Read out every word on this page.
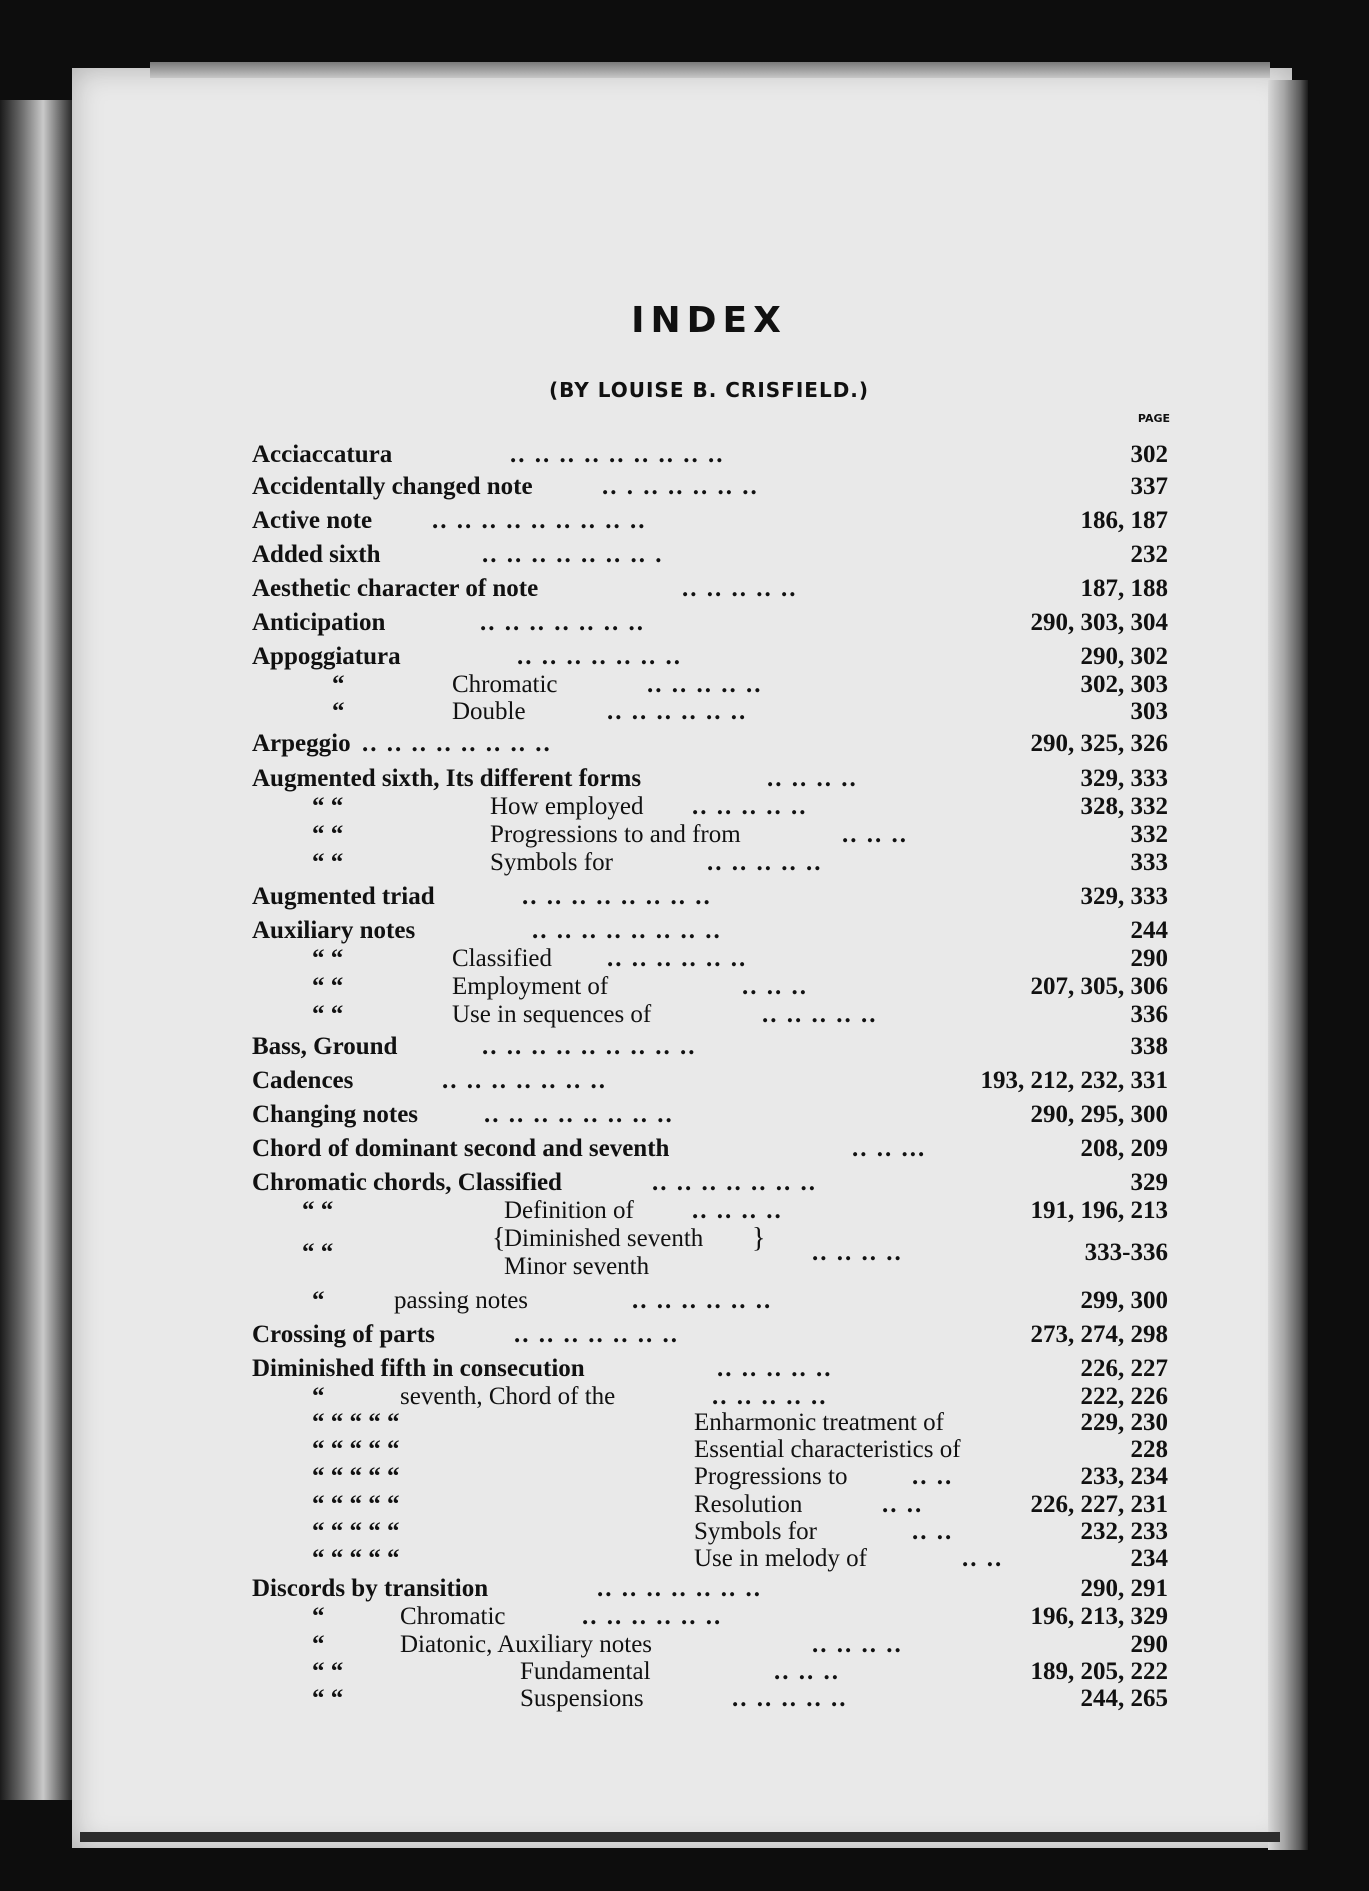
INDEX
(BY LOUISE B. CRISFIELD.)
PAGE
Acciaccatura	.. .. .. .. .. .. .. .. ..	302
Accidentally changed note	.. . .. .. .. .. ..	337
Active note .. .. .. .. .. .. .. .. ..	186, 187
Added sixth	.. .. .. .. .. .. .. .	232
Aesthetic character of note	.. .. .. .. ..	187, 188
Anticipation	.. .. .. .. .. .. ..	290, 303, 304
Appoggiatura	.. .. .. .. .. .. ..	290, 302
“	Chromatic	.. .. .. .. ..	302, 303
“	Double	.. .. .. .. .. ..	303
Arpeggio .. .. .. .. .. .. .. ..	290, 325, 326
Augmented sixth, Its different forms	.. .. .. ..	329, 333
“ “	How employed .. .. .. .. ..	328, 332
“ “	Progressions to and from	.. .. ..	332
“ “	Symbols for	.. .. .. .. ..	333
Augmented triad	.. .. .. .. .. .. .. ..	329, 333
Auxiliary notes	.. .. .. .. .. .. .. ..	244
“ “	Classified .. .. .. .. .. ..	290
“ “	Employment of	.. .. ..	207, 305, 306
“ “	Use in sequences of	.. .. .. .. ..	336
Bass, Ground	.. .. .. .. .. .. .. .. ..	338
Cadences	.. .. .. .. .. .. ..	193, 212, 232, 331
Changing notes	.. .. .. .. .. .. .. ..	290, 295, 300
Chord of dominant second and seventh	.. .. ...	208, 209
Chromatic chords, Classified	.. .. .. .. .. .. ..	329
“ “	Definition of .. .. .. ..	191, 196, 213
“ “	{
Diminished seventh
Minor seventh
} .. .. .. ..	333-336
“	passing notes	.. .. .. .. .. ..	299, 300
Crossing of parts	.. .. .. .. .. .. ..	273, 274, 298
Diminished fifth in consecution	.. .. .. .. ..	226, 227
“	seventh, Chord of the	.. .. .. .. ..	222, 226
“ “ “ “ “	Enharmonic treatment of	229, 230
“ “ “ “ “	Essential characteristics of	228
“ “ “ “ “	Progressions to	.. ..	233, 234
“ “ “ “ “	Resolution	.. ..	226, 227, 231
“ “ “ “ “	Symbols for	.. ..	232, 233
“ “ “ “ “	Use in melody of	.. ..	234
Discords by transition	.. .. .. .. .. .. ..	290, 291
“	Chromatic	.. .. .. .. .. ..	196, 213, 329
“	Diatonic, Auxiliary notes	.. .. .. ..	290
“ “	Fundamental	.. .. ..	189, 205, 222
“ “	Suspensions	.. .. .. .. ..	244, 265
